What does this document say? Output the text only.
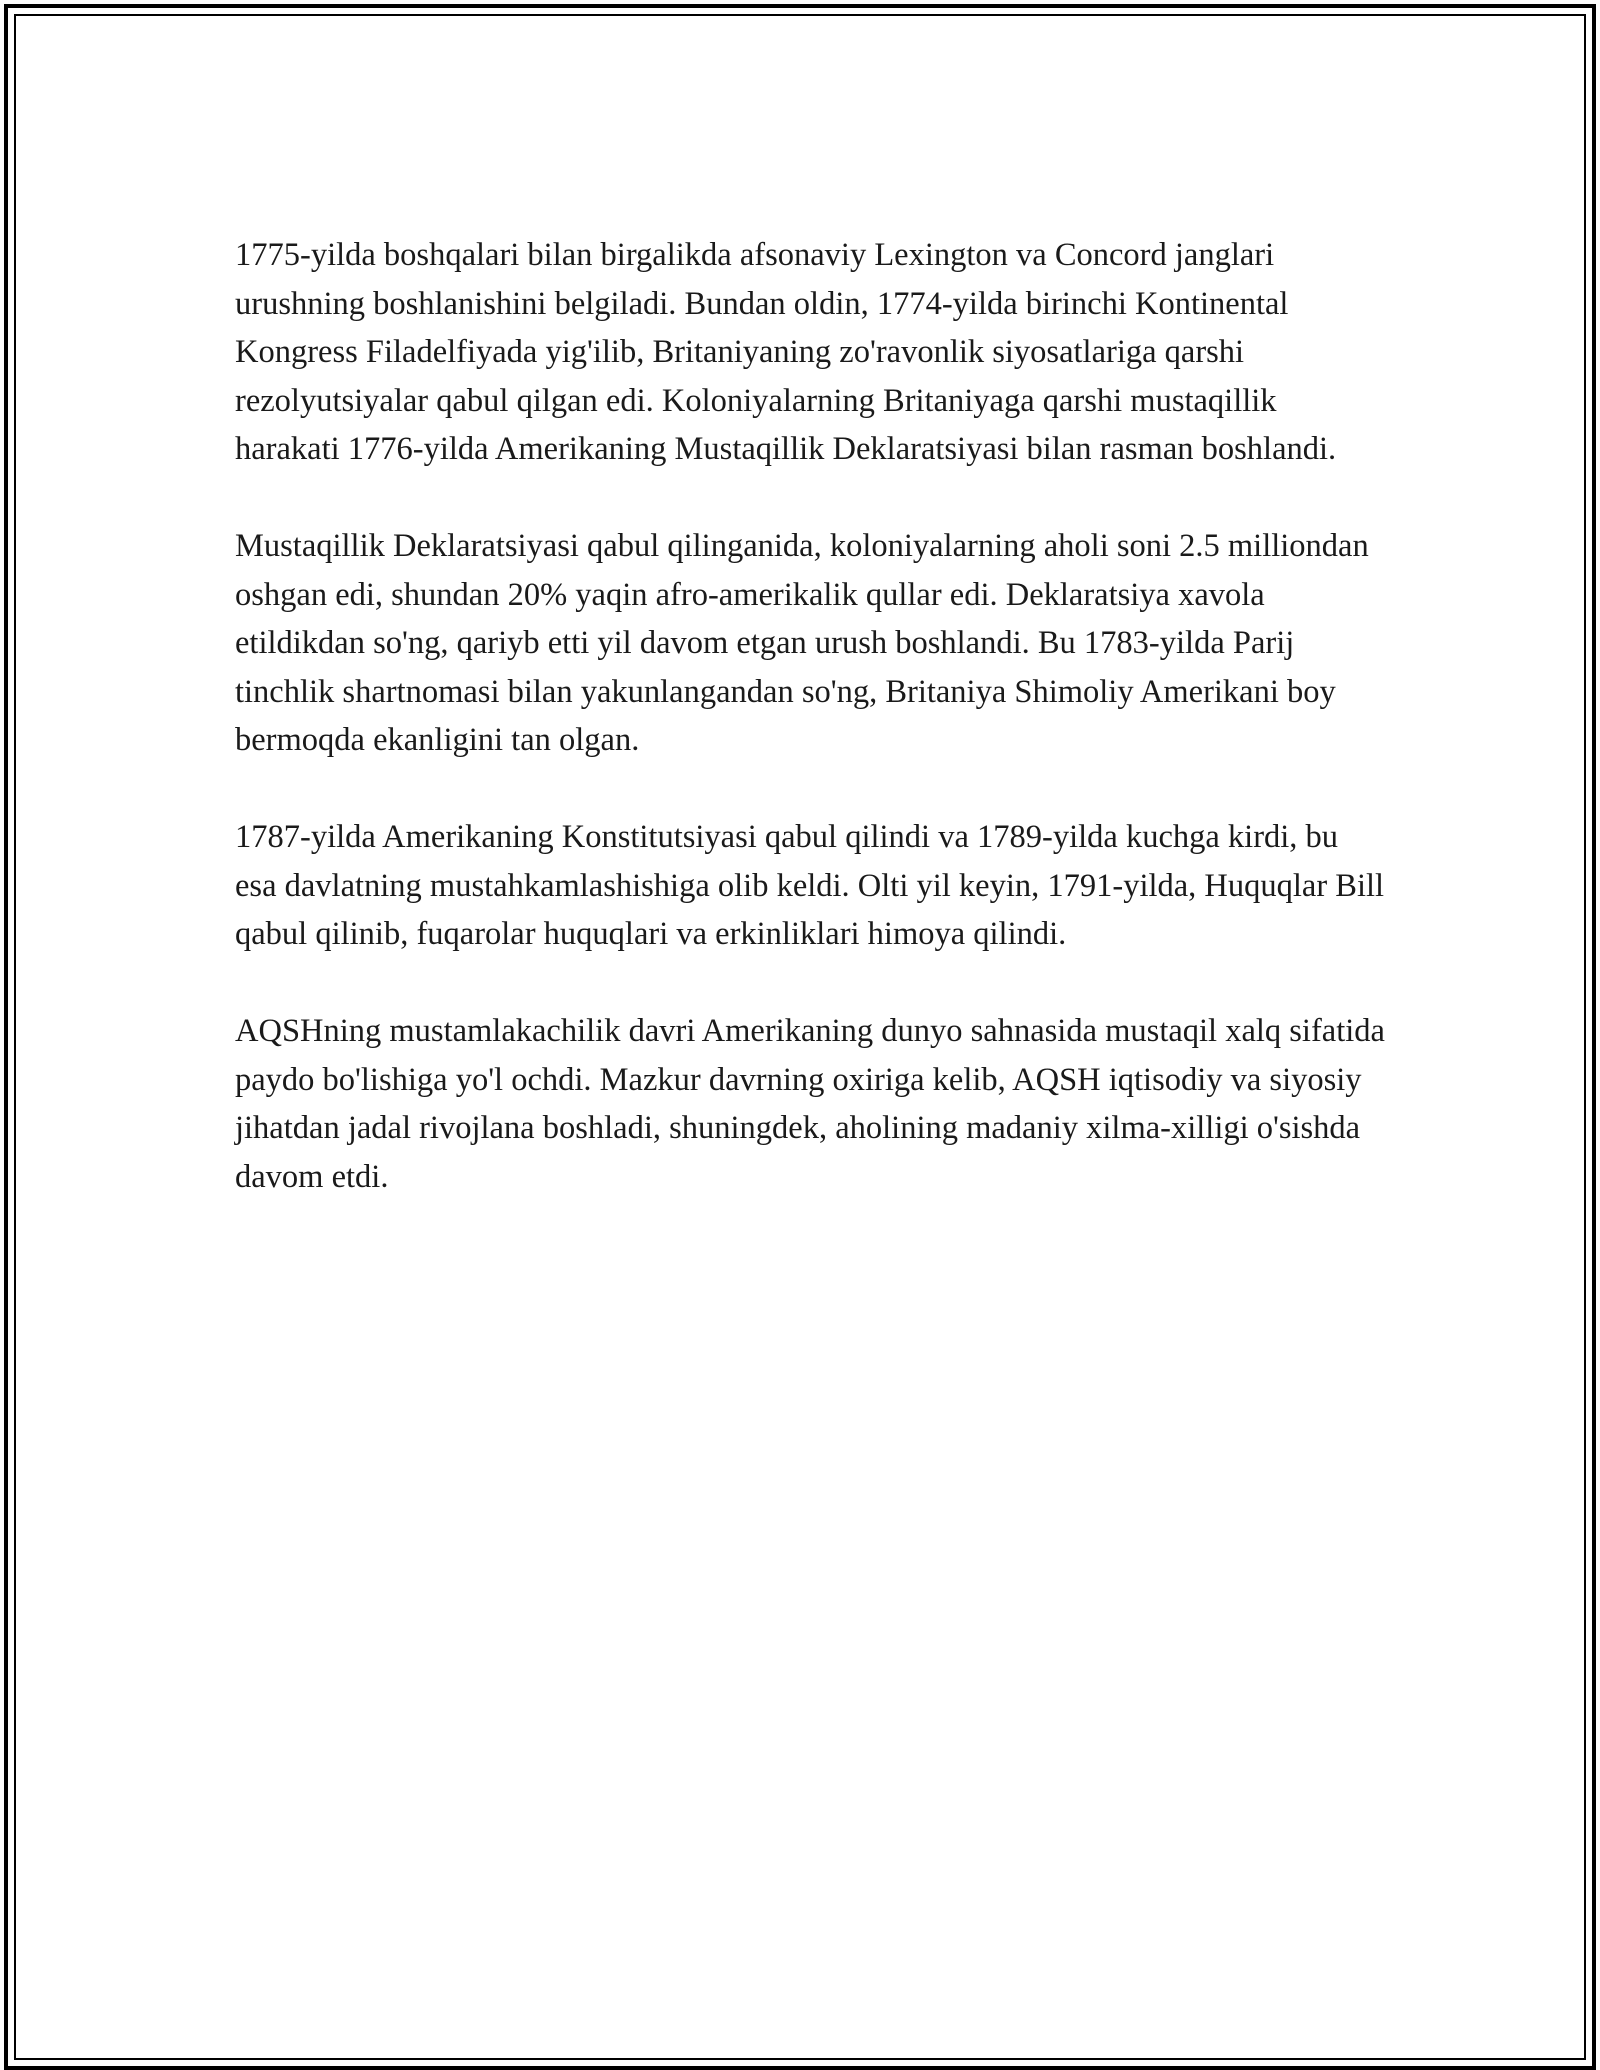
1775-yilda boshqalari bilan birgalikda afsonaviy Lexington va Concord janglari urushning boshlanishini belgiladi. Bundan oldin, 1774-yilda birinchi Kontinental Kongress Filadelfiyada yig'ilib, Britaniyaning zo'ravonlik siyosatlariga qarshi rezolyutsiyalar qabul qilgan edi. Koloniyalarning Britaniyaga qarshi mustaqillik harakati 1776-yilda Amerikaning Mustaqillik Deklaratsiyasi bilan rasman boshlandi.

Mustaqillik Deklaratsiyasi qabul qilinganida, koloniyalarning aholi soni 2.5 milliondan oshgan edi, shundan 20% yaqin afro-amerikalik qullar edi. Deklaratsiya xavola etildikdan so'ng, qariyb etti yil davom etgan urush boshlandi. Bu 1783-yilda Parij tinchlik shartnomasi bilan yakunlangandan so'ng, Britaniya Shimoliy Amerikani boy bermoqda ekanligini tan olgan.

1787-yilda Amerikaning Konstitutsiyasi qabul qilindi va 1789-yilda kuchga kirdi, bu esa davlatning mustahkamlashishiga olib keldi. Olti yil keyin, 1791-yilda, Huquqlar Bill qabul qilinib, fuqarolar huquqlari va erkinliklari himoya qilindi.

AQSHning mustamlakachilik davri Amerikaning dunyo sahnasida mustaqil xalq sifatida paydo bo'lishiga yo'l ochdi. Mazkur davrning oxiriga kelib, AQSH iqtisodiy va siyosiy jihatdan jadal rivojlana boshladi, shuningdek, aholining madaniy xilma-xilligi o'sishda davom etdi.
